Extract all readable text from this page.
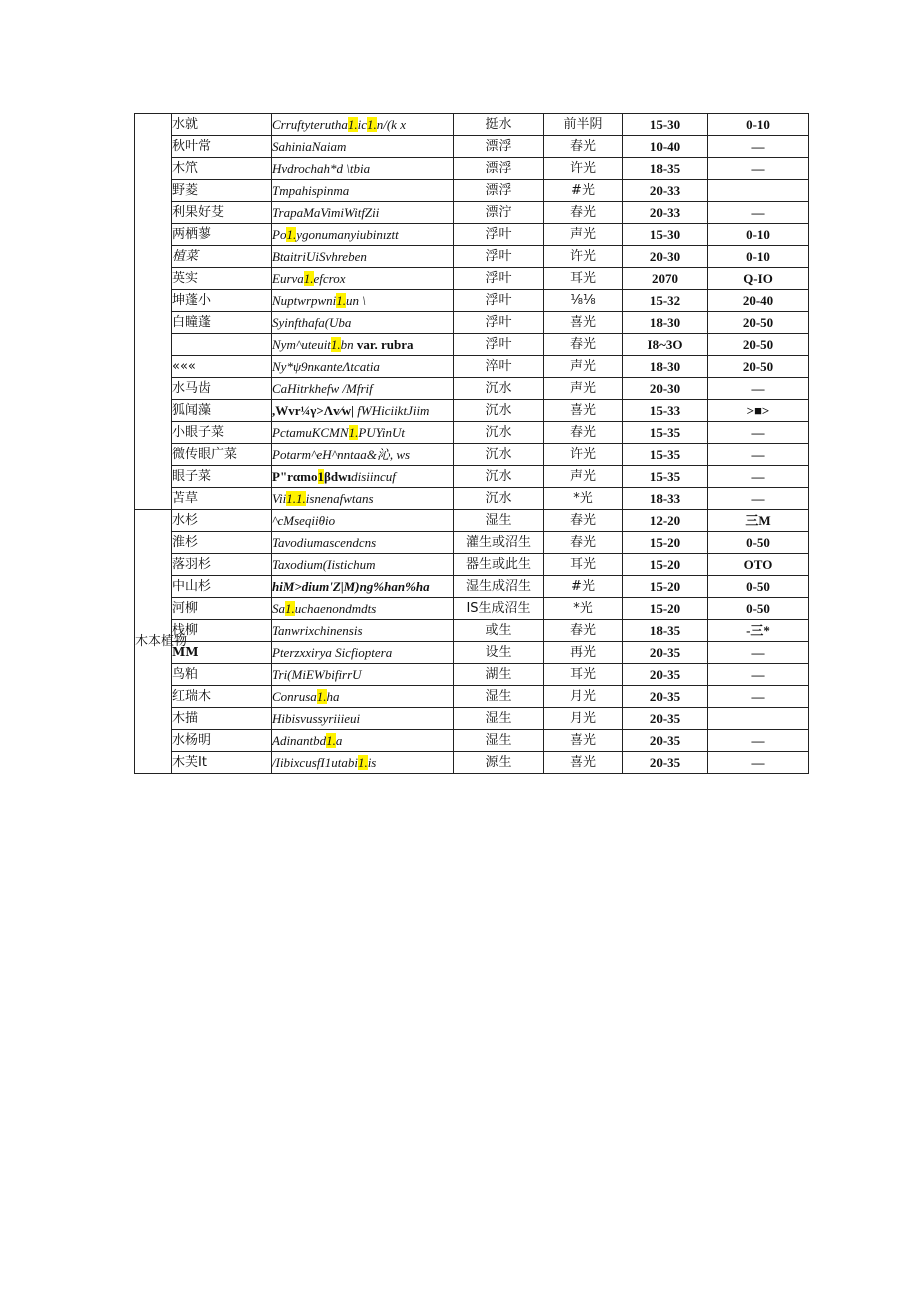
	水就	Crruftyteruthа1.ic1.n/(k x	挺水	前半阴	15-30	0-10
	秋叶常	SahiniaNaiam	漂浮	春光	10-40	—
	木笊	Hvdrochah*d \tbia	漂浮	许光	18-35	—
	野菱	Tmpahispinma	漂浮	#光	20-33	
	利果好芟	TrapaMaVimiWitfZii	漂泞	春光	20-33	—
	两栖蓼	Po1.ygonumanyiubinıztt	浮叶	声光	15-30	0-10
	植菜	BtaitriUiSvhreben	浮叶	许光	20-30	0-10
	英实	Eurva1.efcrox	浮叶	耳光	2070	Q-IO
	坤蓬小	Nuptwrpwni1.un \	浮叶	⅛⅛	15-32	20-40
	白瞳蓬	Syinfthafa(Uba	浮叶	喜光	18-30	20-50
		Nym^uteuit1.bn var. rubra	浮叶	春光	I8~3O	20-50
	«««	Ny*ψ9nкanteΛtcatia	淬叶	声光	18-30	20-50
	水马齿	CaHitrkhefw /Mfrif	沉水	声光	20-30	—
	狐闻藻	,Wvr¼γ>Λv⁄w| fWHiciiktJiim	沉水	喜光	15-33	>■>
	小眼子菜	PctamuKCMN1.PUYinUt	沉水	春光	15-35	—
	微传眼广菜	Potarm^eH^nntaa&沁, ws	沉水	许光	15-35	—
	眼子菜	P"rαmo1βdwıdisiincuf	沉水	声光	15-35	—
	苫草	Vii1.1.isnenafwtans	沉水	*光	18-33	—
木本植物	水杉	^cMseqiiθio	湿生	春光	12-20	三M
	淮杉	Tavodiumascendcns	灌生或沼生	春光	15-20	0-50
	落羽杉	Taxodium(Iistichum	器生或此生	耳光	15-20	OTO
	中山杉	hiM>dium'Z|M)ng%han%ha	湿生成沼生	#光	15-20	0-50
	河柳	Sa1.uchaenondmdts	IS生成沼生	*光	15-20	0-50
	栈柳	Tanwrixchinensis	或生	春光	18-35	-三*
	MM	Pterzxxirya Sicfioptera	设生	再光	20-35	—
	鸟粕	Tri(MiEWbifirrU	湖生	耳光	20-35	—
	红瑞木	Conrusa1.ha	湿生	月光	20-35	—
	木描	Hibisvussyriiieui	湿生	月光	20-35	
	水杨明	Adinantbd1.a	湿生	喜光	20-35	—
	木芙It	/IibixcusfI1utabi1.is	源生	喜光	20-35	—
